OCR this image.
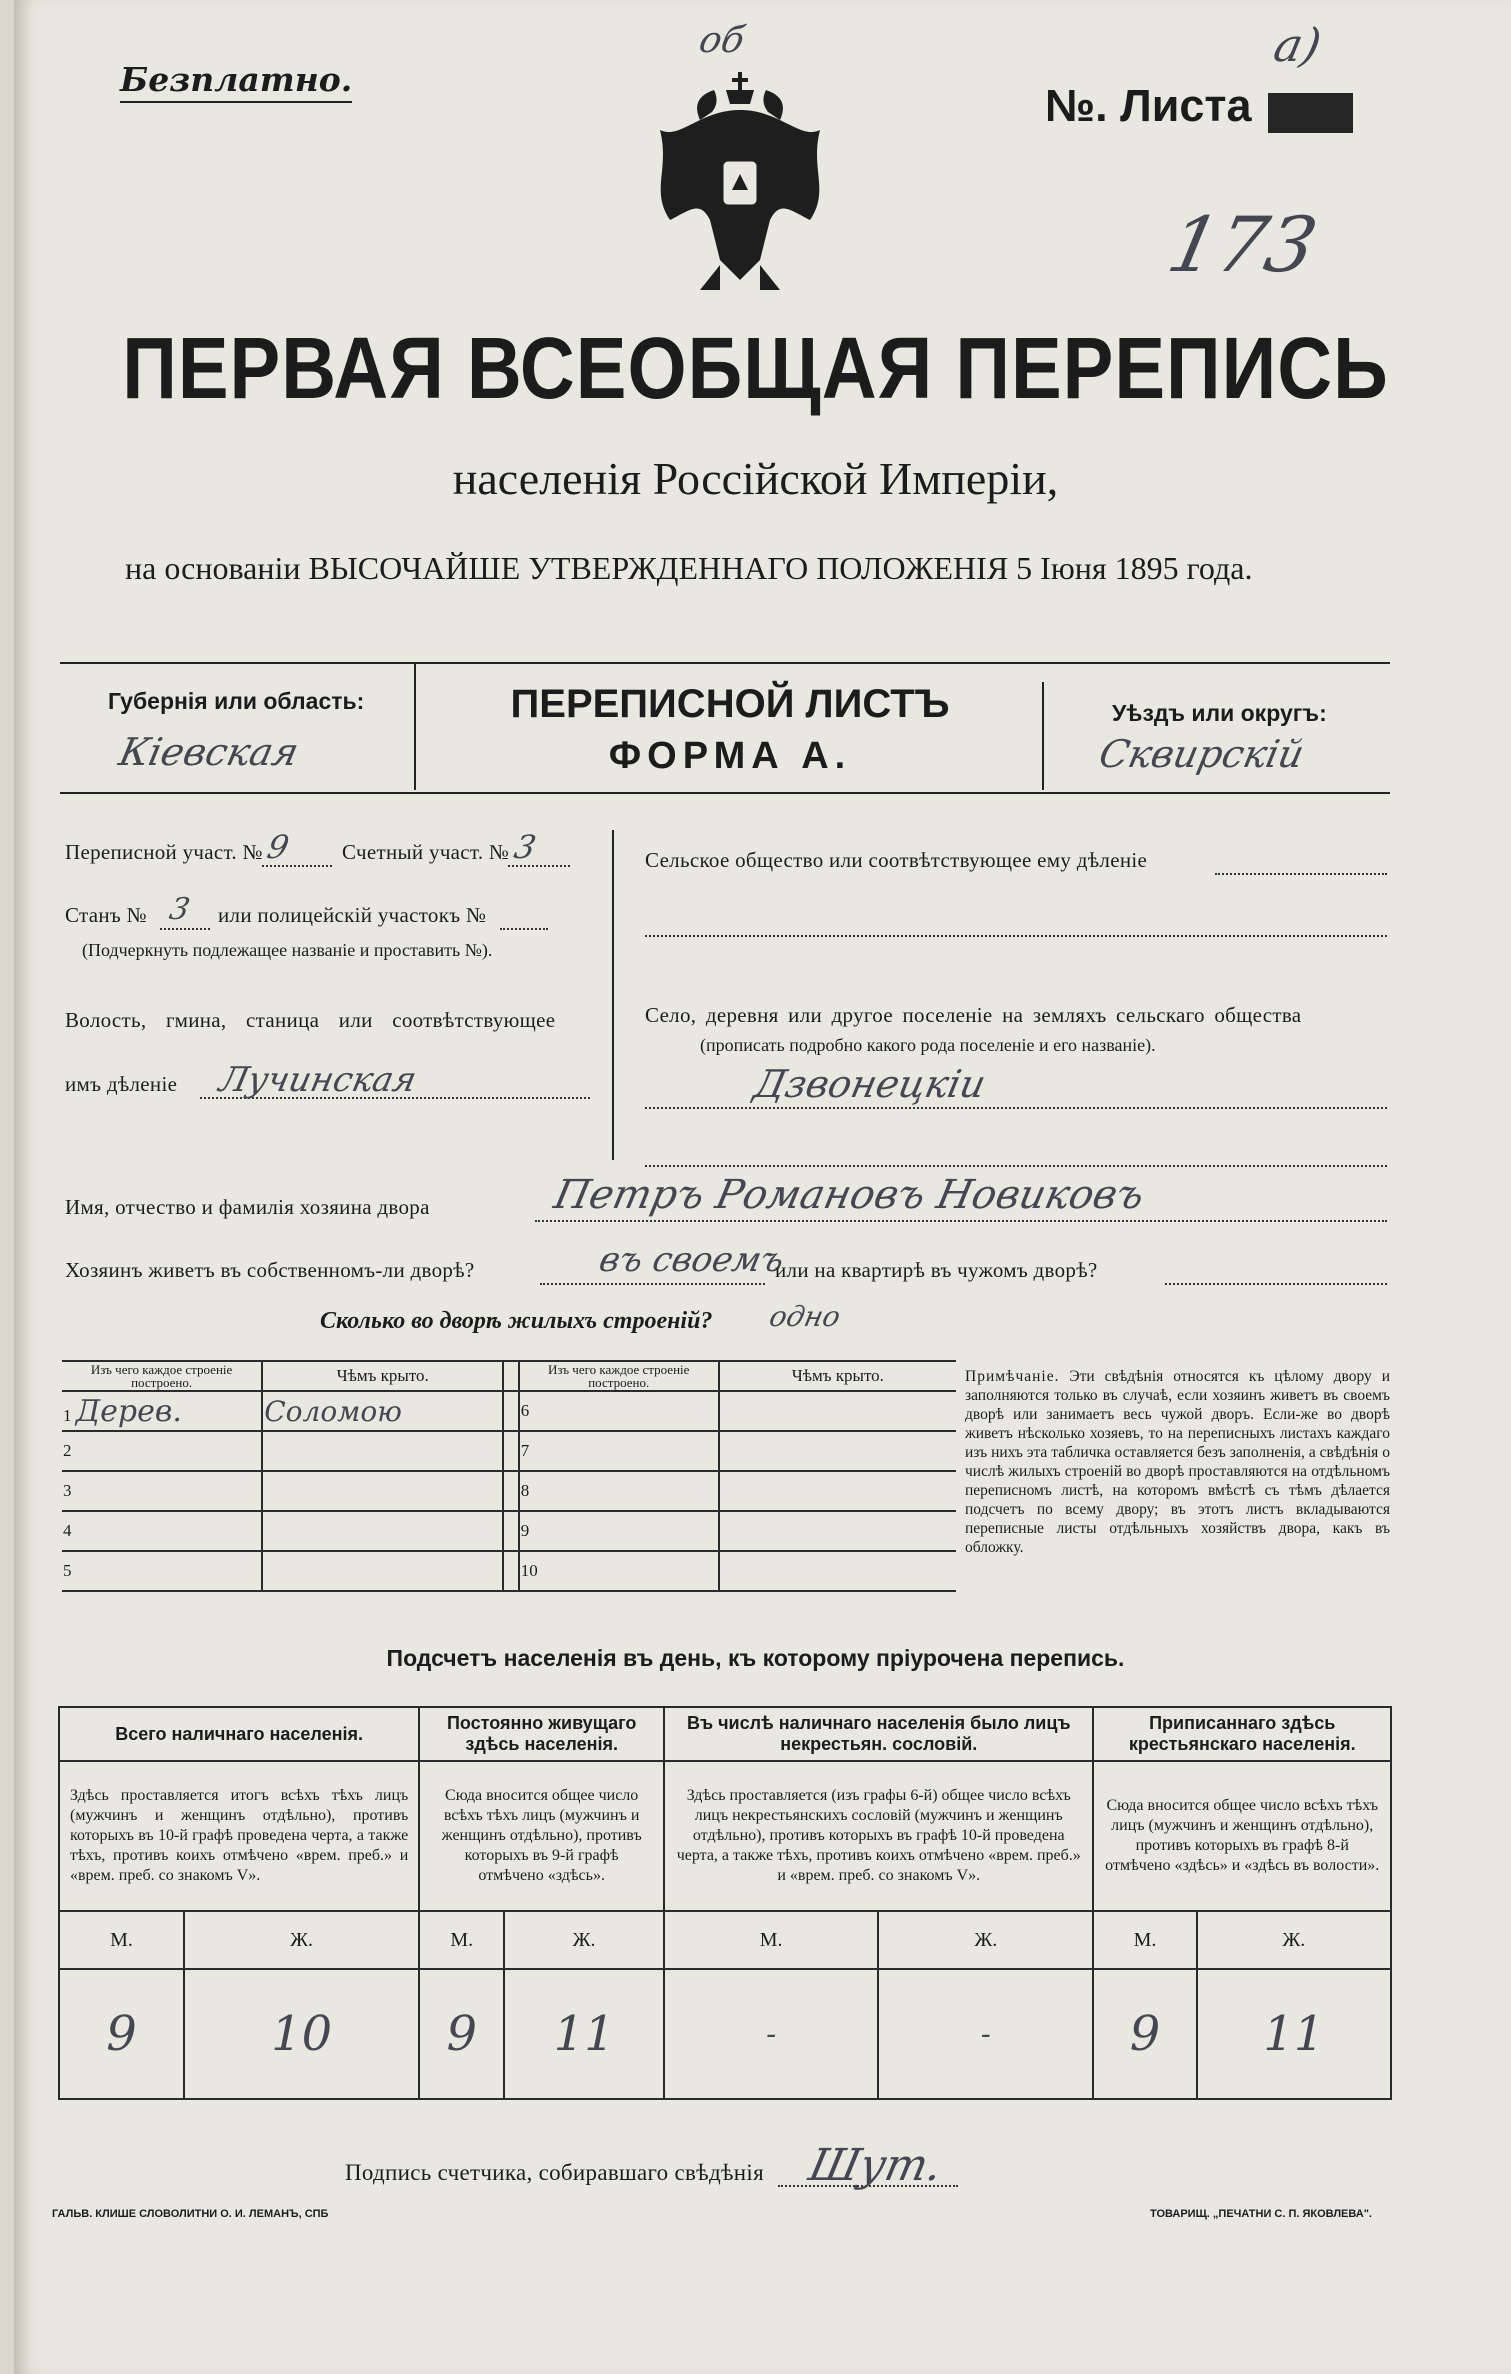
Безплатно.
№. Листа
об	а)
173
ПЕРВАЯ ВСЕОБЩАЯ ПЕРЕПИСЬ
населенія Россійской Имперіи,
на основаніи ВЫСОЧАЙШЕ УТВЕРЖДЕННАГО ПОЛОЖЕНІЯ 5 Іюня 1895 года.
Губернія или область:
Кіевская
ПЕРЕПИСНОЙ ЛИСТЪ
ФОРМА А.
Уѣздъ или округъ:
Сквирскій
Переписной участ. № 9 Счетный участ. № 3
Станъ № 3 или полицейскій участокъ №
(Подчеркнуть подлежащее названіе и проставить №).
Волость, гмина, станица или соотвѣтствующее
имъ дѣленіе Лучинская
Сельское общество или соотвѣтствующее ему дѣленіе
Село, деревня или другое поселеніе на земляхъ сельскаго общества
(прописать подробно какого рода поселеніе и его названіе).
Дзвонецкіи
Имя, отчество и фамилія хозяина двора	Петръ Романовъ Новиковъ
Хозяинъ живетъ въ собственномъ-ли дворѣ?	въ своемъ
или на квартирѣ въ чужомъ дворѣ?
Сколько во дворѣ жилыхъ строеній? одно
Изъ чего каждое строеніе построено.	Чѣмъ крыто.		Изъ чего каждое строеніе построено.	Чѣмъ крыто.
1 Дерев.	Соломою		6	
2			7	
3			8	
4			9	
5			10	
Примѣчаніе. Эти свѣдѣнія относятся къ цѣлому двору и заполняются только въ случаѣ, если хозяинъ живетъ въ своемъ дворѣ или занимаетъ весь чужой дворъ. Если-же во дворѣ живетъ нѣсколько хозяевъ, то на переписныхъ листахъ каждаго изъ нихъ эта табличка оставляется безъ заполненія, а свѣдѣнія о числѣ жилыхъ строеній во дворѣ проставляются на отдѣльномъ переписномъ листѣ, на которомъ вмѣстѣ съ тѣмъ дѣлается подсчетъ по всему двору; въ этотъ листъ вкладываются переписные листы отдѣльныхъ хозяйствъ двора, какъ въ обложку.
Подсчетъ населенія въ день, къ которому пріурочена перепись.
Всего наличнаго населенія.		Постоянно живущаго здѣсь населенія.		Въ числѣ наличнаго населенія было лицъ некрестьян. сословій.		Приписаннаго здѣсь крестьянскаго населенія.	
Здѣсь проставляется итогъ всѣхъ тѣхъ лицъ (мужчинъ и женщинъ отдѣльно), противъ которыхъ въ 10-й графѣ проведена черта, а также тѣхъ, противъ коихъ отмѣчено «врем. преб.» и «врем. преб. со знакомъ V».		Сюда вносится общее число всѣхъ тѣхъ лицъ (мужчинъ и женщинъ отдѣльно), противъ которыхъ въ 9-й графѣ отмѣчено «здѣсь».		Здѣсь проставляется (изъ графы 6-й) общее число всѣхъ лицъ некрестьянскихъ сословій (мужчинъ и женщинъ отдѣльно), противъ которыхъ въ графѣ 10-й проведена черта, а также тѣхъ, противъ коихъ отмѣчено «врем. преб.» и «врем. преб. со знакомъ V».		Сюда вносится общее число всѣхъ тѣхъ лицъ (мужчинъ и женщинъ отдѣльно), противъ которыхъ въ графѣ 8-й отмѣчено «здѣсь» и «здѣсь въ волости».	
М.	Ж.	М.	Ж.	М.	Ж.	М.	Ж.
9	10	9	11	-	-	9	11
Подпись счетчика, собиравшаго свѣдѣнія Шут.
ГАЛЬВ. КЛИШЕ СЛОВОЛИТНИ О. И. ЛЕМАНЪ, СПБ	ТОВАРИЩ. „ПЕЧАТНИ С. П. ЯКОВЛЕВА".
